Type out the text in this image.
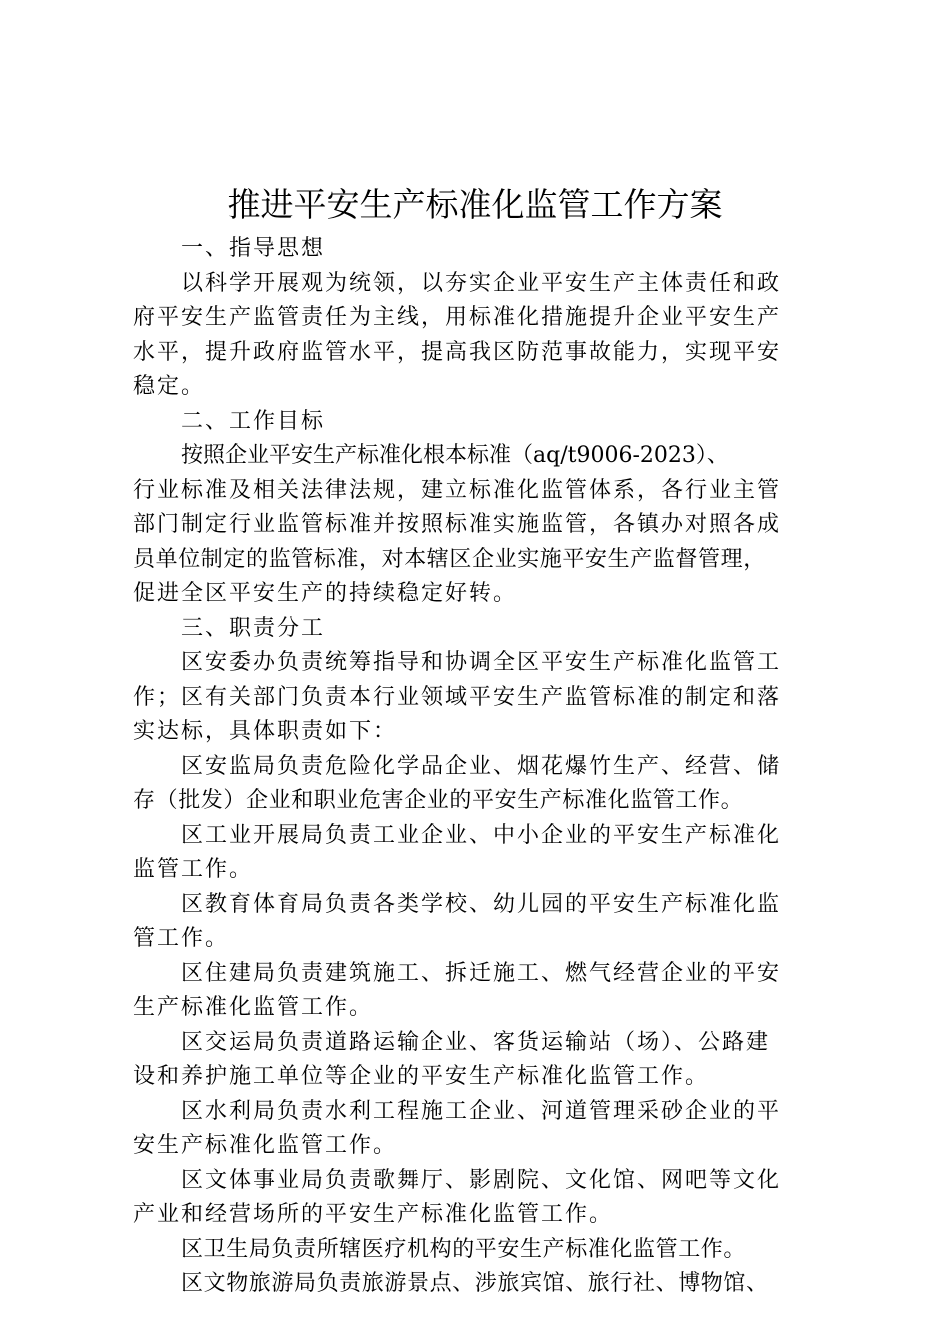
推进平安生产标准化监管工作方案

一、指导思想

以科学开展观为统领，以夯实企业平安生产主体责任和政

府平安生产监管责任为主线，用标准化措施提升企业平安生产

水平，提升政府监管水平，提高我区防范事故能力，实现平安

稳定。

二、工作目标

按照企业平安生产标准化根本标准（aq/t9006-2023）、

行业标准及相关法律法规，建立标准化监管体系，各行业主管

部门制定行业监管标准并按照标准实施监管，各镇办对照各成

员单位制定的监管标准，对本辖区企业实施平安生产监督管理，

促进全区平安生产的持续稳定好转。

三、职责分工

区安委办负责统筹指导和协调全区平安生产标准化监管工

作；区有关部门负责本行业领域平安生产监管标准的制定和落

实达标，具体职责如下：

区安监局负责危险化学品企业、烟花爆竹生产、经营、储

存（批发）企业和职业危害企业的平安生产标准化监管工作。

区工业开展局负责工业企业、中小企业的平安生产标准化

监管工作。

区教育体育局负责各类学校、幼儿园的平安生产标准化监

管工作。

区住建局负责建筑施工、拆迁施工、燃气经营企业的平安

生产标准化监管工作。

区交运局负责道路运输企业、客货运输站（场）、公路建

设和养护施工单位等企业的平安生产标准化监管工作。

区水利局负责水利工程施工企业、河道管理采砂企业的平

安生产标准化监管工作。

区文体事业局负责歌舞厅、影剧院、文化馆、网吧等文化

产业和经营场所的平安生产标准化监管工作。

区卫生局负责所辖医疗机构的平安生产标准化监管工作。

区文物旅游局负责旅游景点、涉旅宾馆、旅行社、博物馆、
